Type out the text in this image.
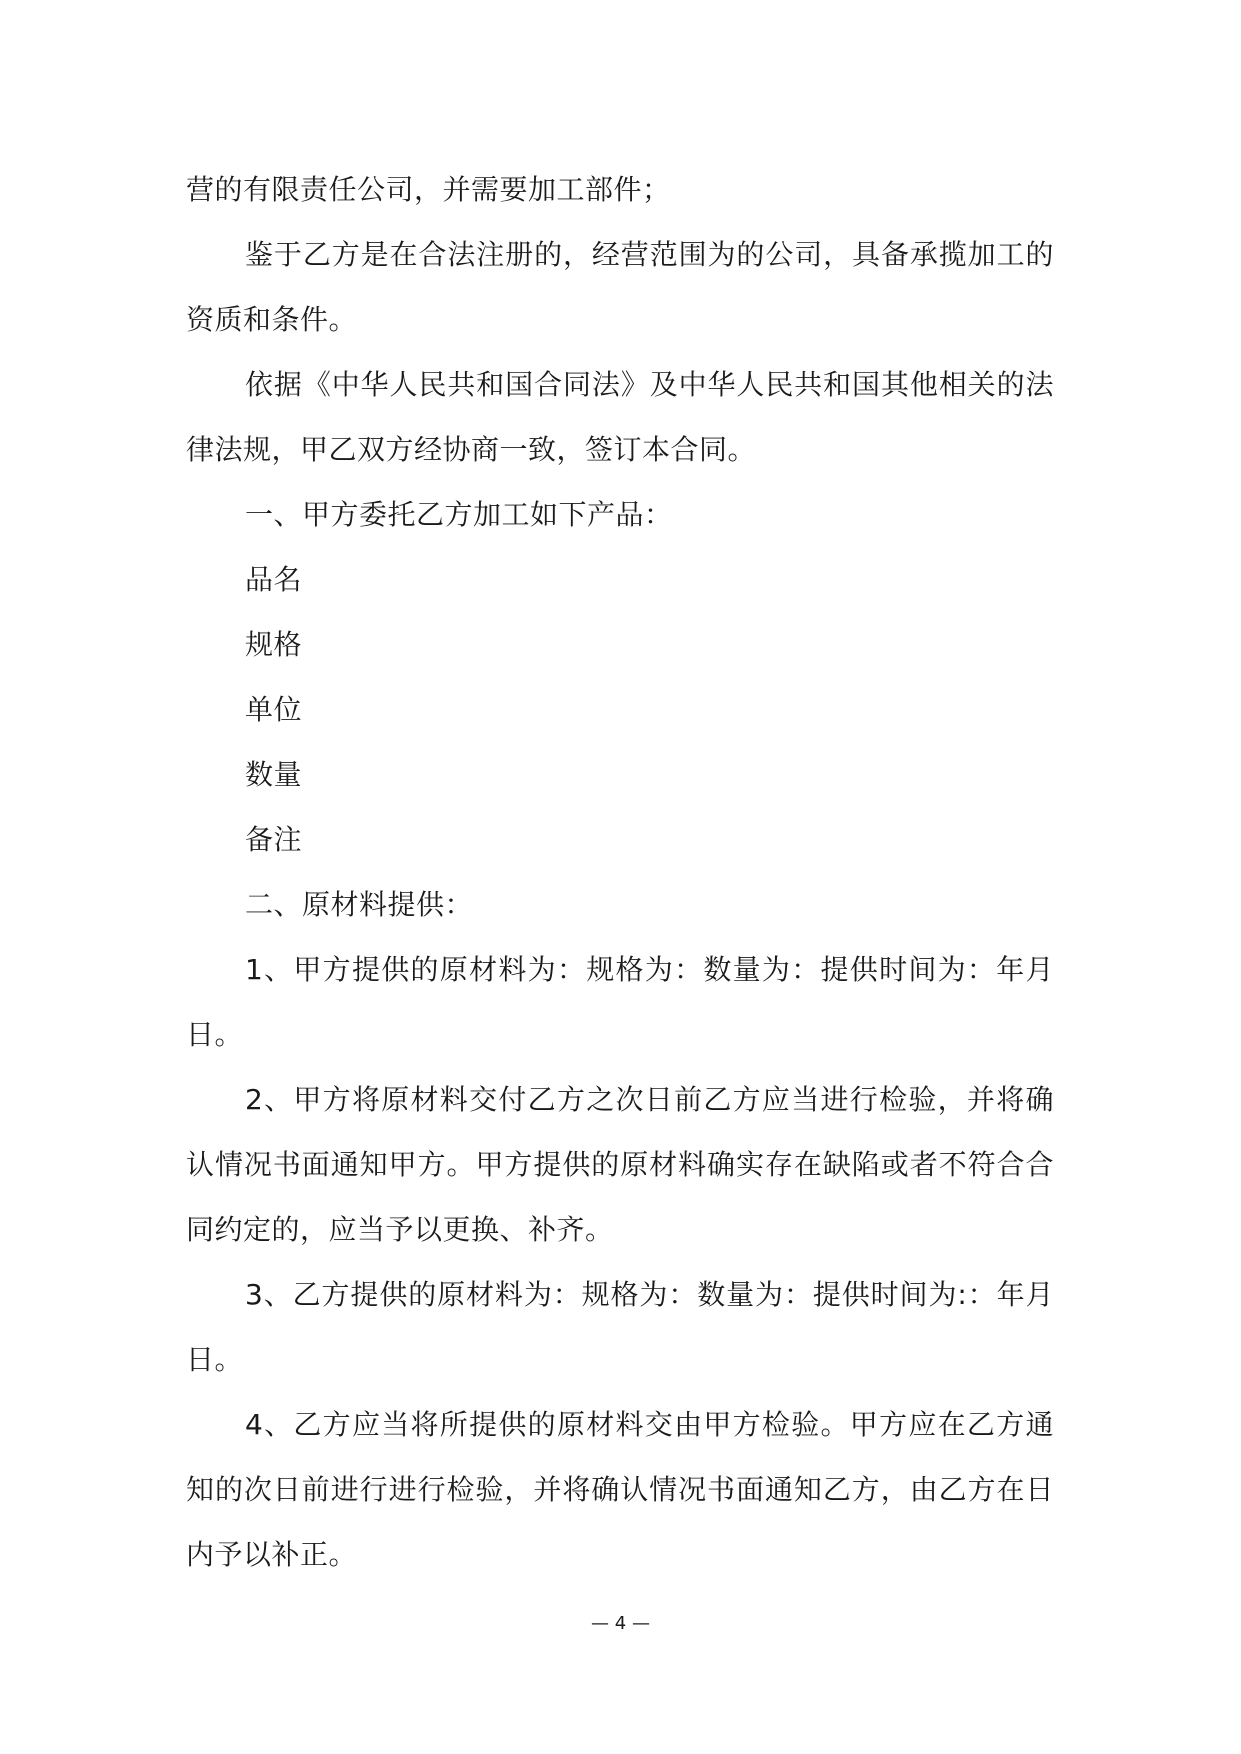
营的有限责任公司，并需要加工部件；

鉴于乙方是在合法注册的，经营范围为的公司，具备承揽加工的资质和条件。

依据《中华人民共和国合同法》及中华人民共和国其他相关的法律法规，甲乙双方经协商一致，签订本合同。

一、甲方委托乙方加工如下产品：

品名

规格

单位

数量

备注

二、原材料提供：

1、甲方提供的原材料为：规格为：数量为：提供时间为：年月日。

2、甲方将原材料交付乙方之次日前乙方应当进行检验，并将确认情况书面通知甲方。甲方提供的原材料确实存在缺陷或者不符合合同约定的，应当予以更换、补齐。

3、乙方提供的原材料为：规格为：数量为：提供时间为:：年月日。

4、乙方应当将所提供的原材料交由甲方检验。甲方应在乙方通知的次日前进行进行检验，并将确认情况书面通知乙方，由乙方在日内予以补正。

— 4 —
